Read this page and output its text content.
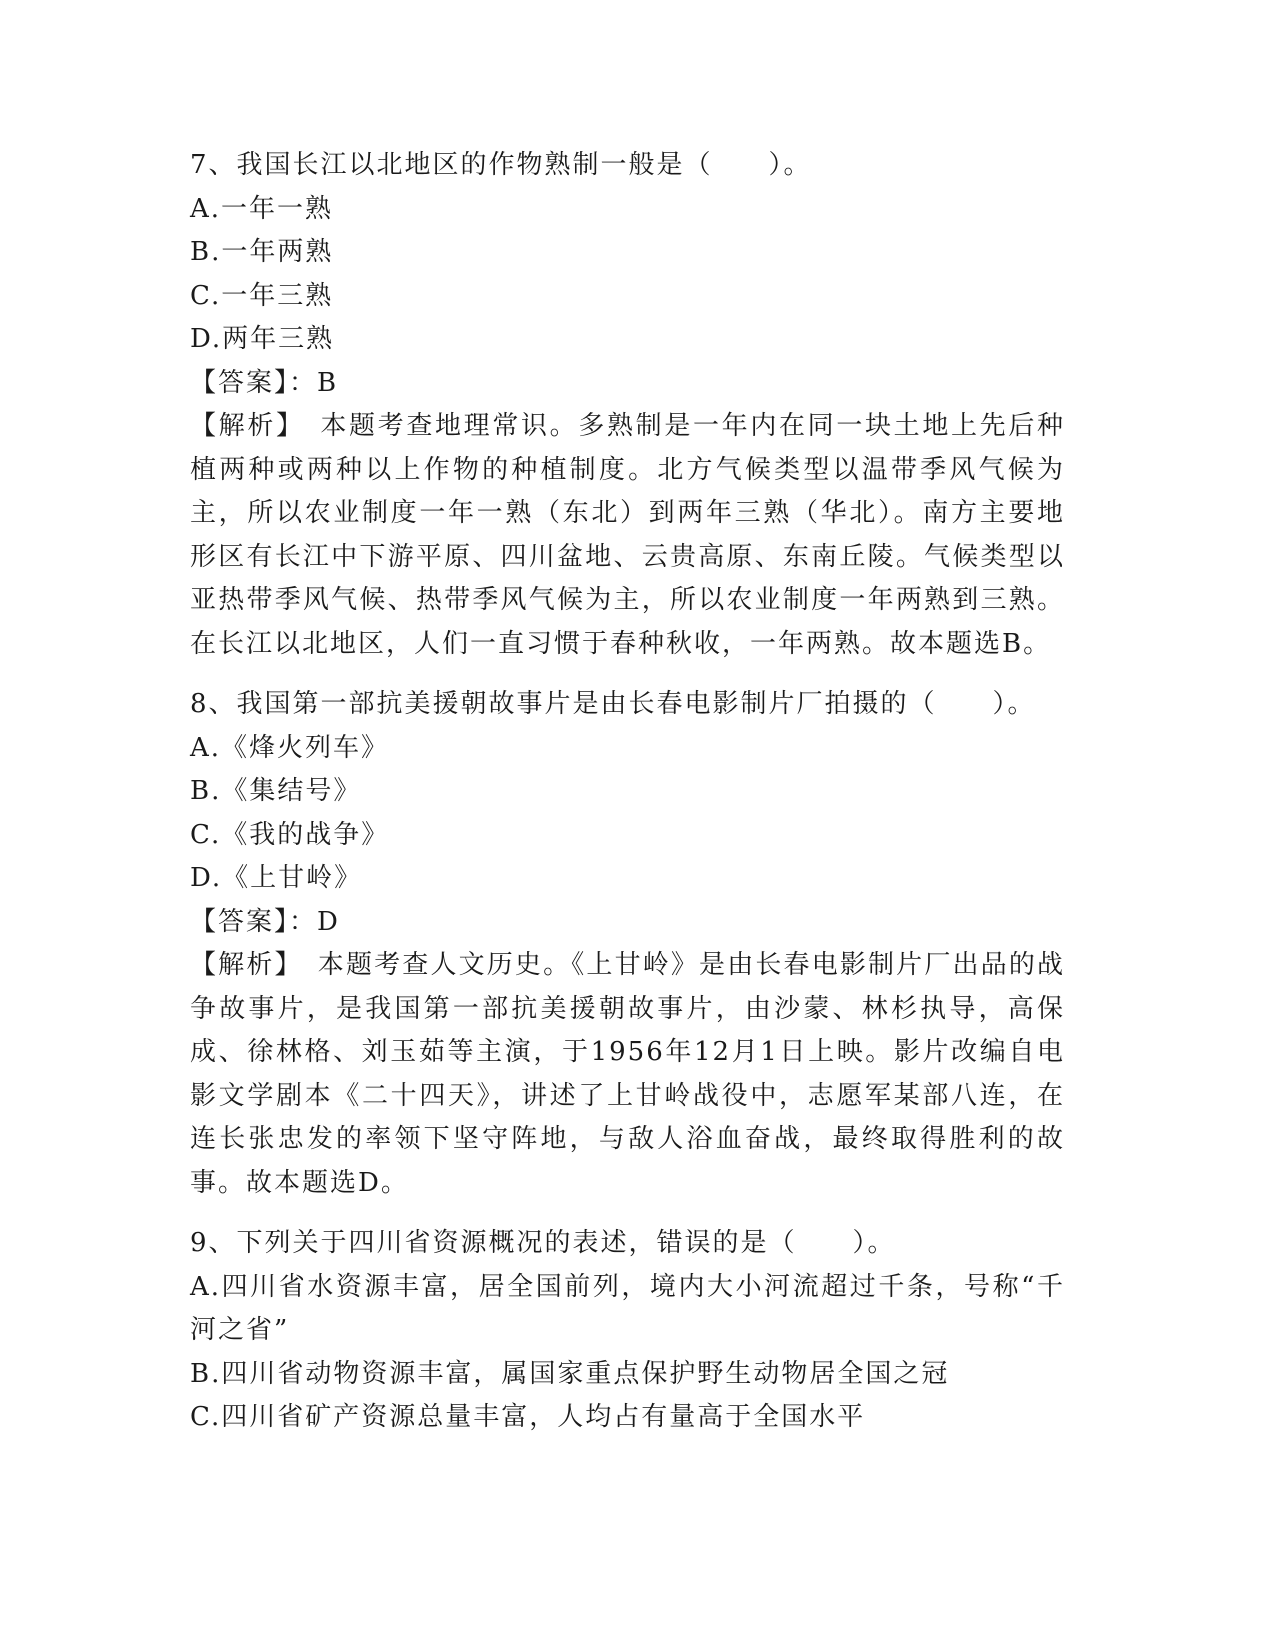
7、我国长江以北地区的作物熟制一般是（　　）。
A.一年一熟
B.一年两熟
C.一年三熟
D.两年三熟
【答案】：B
【解析】　本题考查地理常识。多熟制是一年内在同一块土地上先后种植两种或两种以上作物的种植制度。北方气候类型以温带季风气候为主，所以农业制度一年一熟（东北）到两年三熟（华北）。南方主要地形区有长江中下游平原、四川盆地、云贵高原、东南丘陵。气候类型以亚热带季风气候、热带季风气候为主，所以农业制度一年两熟到三熟。在长江以北地区，人们一直习惯于春种秋收，一年两熟。故本题选B。
8、我国第一部抗美援朝故事片是由长春电影制片厂拍摄的（　　）。
A.《烽火列车》
B.《集结号》
C.《我的战争》
D.《上甘岭》
【答案】：D
【解析】　本题考查人文历史。《上甘岭》是由长春电影制片厂出品的战争故事片，是我国第一部抗美援朝故事片，由沙蒙、林杉执导，高保成、徐林格、刘玉茹等主演，于1956年12月1日上映。影片改编自电影文学剧本《二十四天》，讲述了上甘岭战役中，志愿军某部八连，在连长张忠发的率领下坚守阵地，与敌人浴血奋战，最终取得胜利的故事。故本题选D。
9、下列关于四川省资源概况的表述，错误的是（　　）。
A.四川省水资源丰富，居全国前列，境内大小河流超过千条，号称“千河之省”
B.四川省动物资源丰富，属国家重点保护野生动物居全国之冠
C.四川省矿产资源总量丰富，人均占有量高于全国水平
